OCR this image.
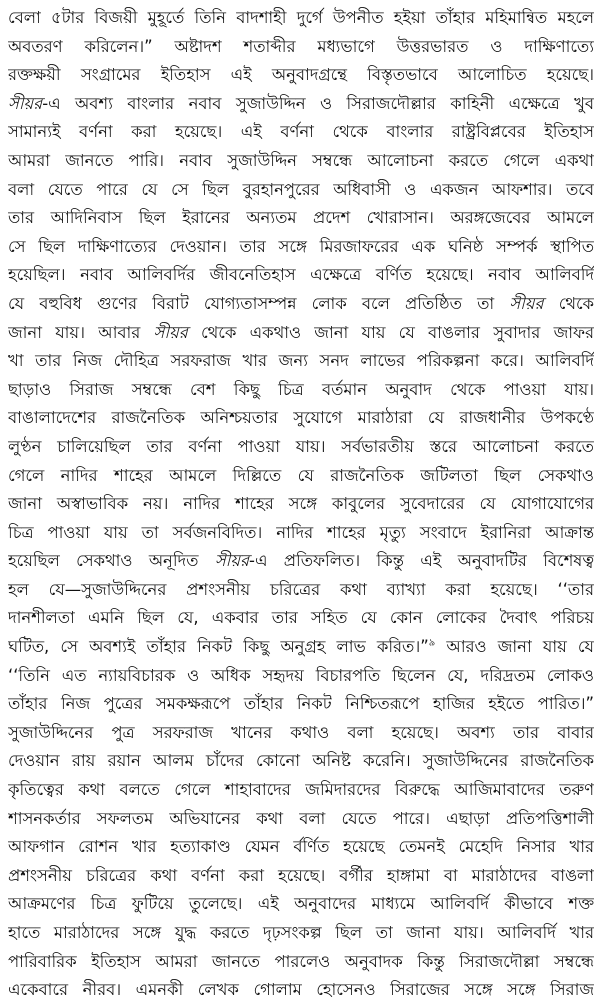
বেলা ৫টার বিজয়ী মুহূর্তে তিনি বাদশাহী দুর্গে উপনীত হইয়া তাঁহার মহিমান্বিত মহলে
অবতরণ করিলেন।” অষ্টাদশ শতাব্দীর মধ্যভাগে উত্তরভারত ও দাক্ষিণাত্যে
রক্তক্ষয়ী সংগ্রামের ইতিহাস এই অনুবাদগ্রন্থে বিস্তৃতভাবে আলোচিত হয়েছে।
সীয়র-এ অবশ্য বাংলার নবাব সুজাউদ্দিন ও সিরাজদৌল্লার কাহিনী এক্ষেত্রে খুব
সামান্যই বর্ণনা করা হয়েছে। এই বর্ণনা থেকে বাংলার রাষ্ট্রবিপ্লবের ইতিহাস
আমরা জানতে পারি। নবাব সুজাউদ্দিন সম্বন্ধে আলোচনা করতে গেলে একথা
বলা যেতে পারে যে সে ছিল বুরহানপুরের অধিবাসী ও একজন আফশার। তবে
তার আদিনিবাস ছিল ইরানের অন্যতম প্রদেশ খোরাসান। অরঙ্গজেবের আমলে
সে ছিল দাক্ষিণাত্যের দেওয়ান। তার সঙ্গে মিরজাফরের এক ঘনিষ্ঠ সম্পর্ক স্থাপিত
হয়েছিল। নবাব আলিবর্দির জীবনেতিহাস এক্ষেত্রে বর্ণিত হয়েছে। নবাব আলিবর্দি
যে বহুবিধ গুণের বিরাট যোগ্যতাসম্পন্ন লোক বলে প্রতিষ্ঠিত তা সীয়র থেকে
জানা যায়। আবার সীয়র থেকে একথাও জানা যায় যে বাঙলার সুবাদার জাফর
খা তার নিজ দৌহিত্র সরফরাজ খার জন্য সনদ লাভের পরিকল্পনা করে। আলিবর্দি
ছাড়াও সিরাজ সম্বন্ধে বেশ কিছু চিত্র বর্তমান অনুবাদ থেকে পাওয়া যায়।
বাঙালাদেশের রাজনৈতিক অনিশ্চয়তার সুযোগে মারাঠারা যে রাজধানীর উপকণ্ঠে
লুণ্ঠন চালিয়েছিল তার বর্ণনা পাওয়া যায়। সর্বভারতীয় স্তরে আলোচনা করতে
গেলে নাদির শাহের আমলে দিল্লিতে যে রাজনৈতিক জটিলতা ছিল সেকথাও
জানা অস্বাভাবিক নয়। নাদির শাহের সঙ্গে কাবুলের সুবেদারের যে যোগাযোগের
চিত্র পাওয়া যায় তা সর্বজনবিদিত। নাদির শাহের মৃত্যু সংবাদে ইরানিরা আক্রান্ত
হয়েছিল সেকথাও অনূদিত সীয়র-এ প্রতিফলিত। কিন্তু এই অনুবাদটির বিশেষত্ব
হল যে—সুজাউদ্দিনের প্রশংসনীয় চরিত্রের কথা ব্যাখ্যা করা হয়েছে। ‘‘তার
দানশীলতা এমনি ছিল যে, একবার তার সহিত যে কোন লোকের দৈবাৎ পরিচয়
ঘটিত, সে অবশ্যই তাঁহার নিকট কিছু অনুগ্রহ লাভ করিত।”$^৯$ আরও জানা যায় যে
‘‘তিনি এত ন্যায়বিচারক ও অধিক সহৃদয় বিচারপতি ছিলেন যে, দরিদ্রতম লোকও
তাঁহার নিজ পুত্রের সমকক্ষরূপে তাঁহার নিকট নিশ্চিতরূপে হাজির হইতে পারিত।”
সুজাউদ্দিনের পুত্র সরফরাজ খানের কথাও বলা হয়েছে। অবশ্য তার বাবার
দেওয়ান রায় রয়ান আলম চাঁদের কোনো অনিষ্ট করেনি। সুজাউদ্দিনের রাজনৈতিক
কৃতিত্বের কথা বলতে গেলে শাহাবাদের জমিদারদের বিরুদ্ধে আজিমাবাদের তরুণ
শাসনকর্তার সফলতম অভিযানের কথা বলা যেতে পারে। এছাড়া প্রতিপত্তিশালী
আফগান রোশন খার হত্যাকাণ্ড যেমন র্বর্ণিত হয়েছে তেমনই মেহেদি নিসার খার
প্রশংসনীয় চরিত্রের কথা বর্ণনা করা হয়েছে। বর্গীর হাঙ্গামা বা মারাঠাদের বাঙলা
আক্রমণের চিত্র ফুটিয়ে তুলেছে। এই অনুবাদের মাধ্যমে আলিবর্দি কীভাবে শক্ত
হাতে মারাঠাদের সঙ্গে যুদ্ধ করতে দৃঢ়সংকল্প ছিল তা জানা যায়। আলিবর্দি খার
পারিবারিক ইতিহাস আমরা জানতে পারলেও অনুবাদক কিন্তু সিরাজদৌল্লা সম্বন্ধে
একেবারে নীরব। এমনকী লেখক গোলাম হোসেনও সিরাজের সঙ্গে সঙ্গে সিরাজ
